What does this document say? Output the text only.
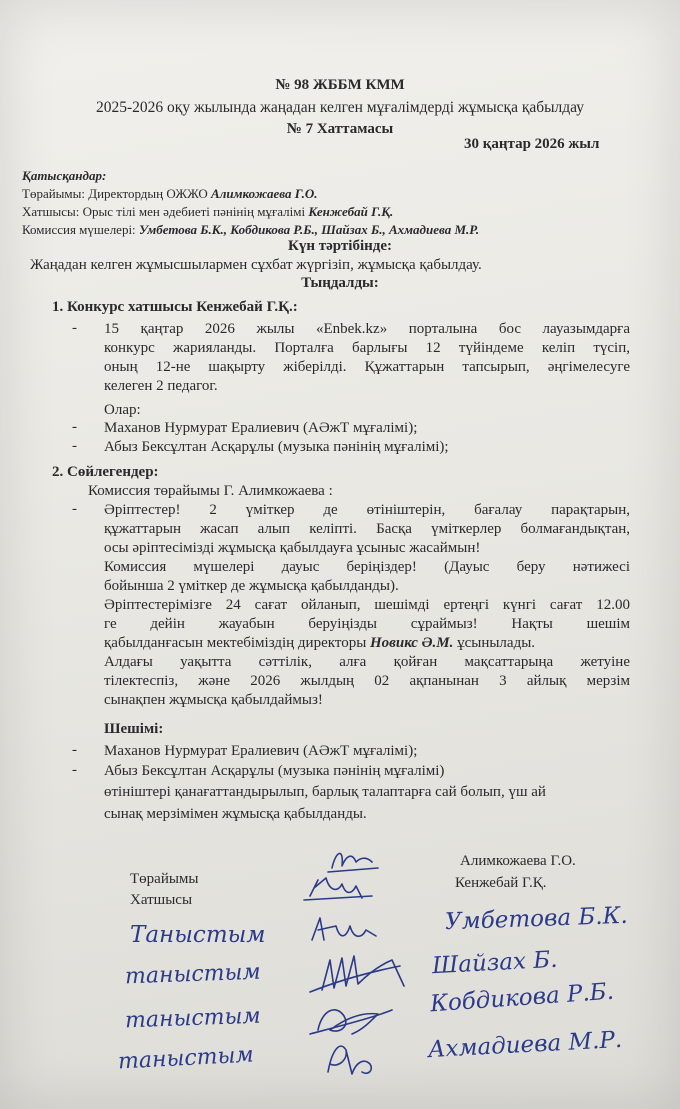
№ 98 ЖББМ КММ
2025-2026 оқу жылында жаңадан келген мұғалімдерді жұмысқа қабылдау
№ 7 Хаттамасы
30 қаңтар 2026 жыл
Қатысқандар:
Төрайымы: Директордың ОЖЖО Алимкожаева Г.О.
Хатшысы: Орыс тілі мен әдебиеті пәнінің мұғалімі Кенжебай Г.Қ.
Комиссия мүшелері: Умбетова Б.К., Кобдикова Р.Б., Шайзах Б., Ахмадиева М.Р.
Күн тәртібінде:
Жаңадан келген жұмысшылармен сұхбат жүргізіп, жұмысқа қабылдау.
Тыңдалды:
1. Конкурс хатшысы Кенжебай Г.Қ.:
- 15 қаңтар 2026 жылы «Enbek.kz» порталына бос лауазымдарға
конкурс жарияланды. Порталға барлығы 12 түйіндеме келіп түсіп,
оның 12-не шақырту жіберілді. Құжаттарын тапсырып, әңгімелесуге
келеген 2 педагог.
Олар:
- Маханов Нурмурат Ералиевич (АӘжТ мұғалімі);
- Абыз Бексұлтан Асқарұлы (музыка пәнінің мұғалімі);
2. Сөйлегендер:
Комиссия төрайымы Г. Алимкожаева :
- Әріптестер! 2 үміткер де өтініштерін, бағалау парақтарын,
құжаттарын жасап алып келіпті. Басқа үміткерлер болмағандықтан,
осы әріптесімізді жұмысқа қабылдауға ұсыныс жасаймын!
Комиссия мүшелері дауыс беріңіздер! (Дауыс беру нәтижесі
бойынша 2 үміткер де жұмысқа қабылданды).
Әріптестерімізге 24 сағат ойланып, шешімді ертеңгі күнгі сағат 12.00
ге дейін жауабын беруіңізды сұраймыз! Нақты шешім
қабылданғасын мектебіміздің директоры Новикс Ә.М. ұсынылады.
Алдағы уақытта сәттілік, алға қойған мақсаттарыңа жетуіне
тілектеспіз, және 2026 жылдың 02 ақпанынан 3 айлық мерзім
сынақпен жұмысқа қабылдаймыз!
Шешімі:
- Маханов Нурмурат Ералиевич (АӘжТ мұғалімі);
- Абыз Бексұлтан Асқарұлы (музыка пәнінің мұғалімі)
өтініштері қанағаттандырылып, барлық талаптарға сай болып, үш ай
сынақ мерзімімен жұмысқа қабылданды.
Төрайымы
Хатшысы
Алимкожаева Г.О.
Кенжебай Г.Қ.
Таныстым
таныстым
таныстым
таныстым
Умбетова Б.К.
Шайзах Б.
Кобдикова Р.Б.
Ахмадиева М.Р.
